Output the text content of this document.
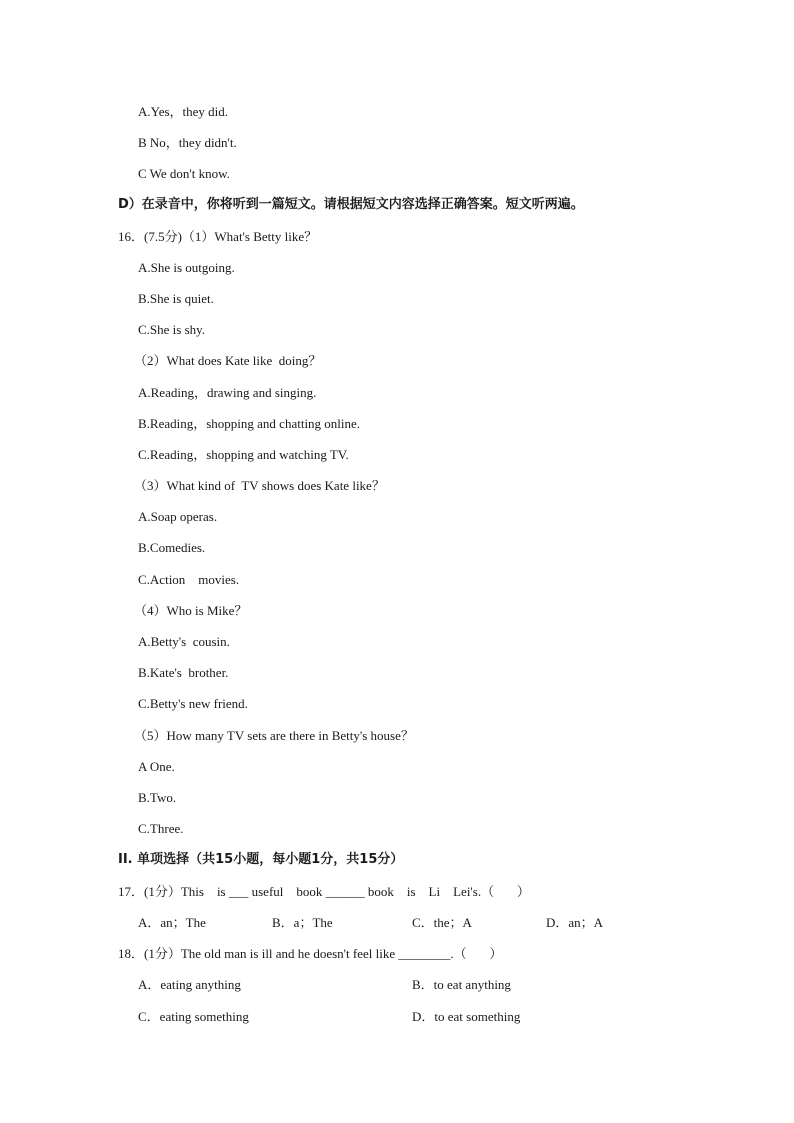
A.Yes，they did.
B No，they didn't.
C We don't know.
D）在录音中，你将听到一篇短文。请根据短文内容选择正确答案。短文听两遍。
16．(7.5分)（1）What's Betty like？
A.She is outgoing.
B.She is quiet.
C.She is shy.
（2）What does Kate like  doing？
A.Reading，drawing and singing.
B.Reading，shopping and chatting online.
C.Reading，shopping and watching TV.
（3）What kind of  TV shows does Kate like？
A.Soap operas.
B.Comedies.
C.Action    movies.
（4）Who is Mike？
A.Betty's  cousin.
B.Kate's  brother.
C.Betty's new friend.
（5）How many TV sets are there in Betty's house？
A One.
B.Two.
C.Three.
II. 单项选择（共15小题，每小题1分，共15分）
17．(1分）This    is ___ useful    book ______ book    is    Li    Lei's.（       ）
A．an；The	B．a；The	C．the；A	D．an；A
18．(1分）The old man is ill and he doesn't feel like ________.（       ）
A．eating anything	B．to eat anything
C．eating something	D．to eat something
